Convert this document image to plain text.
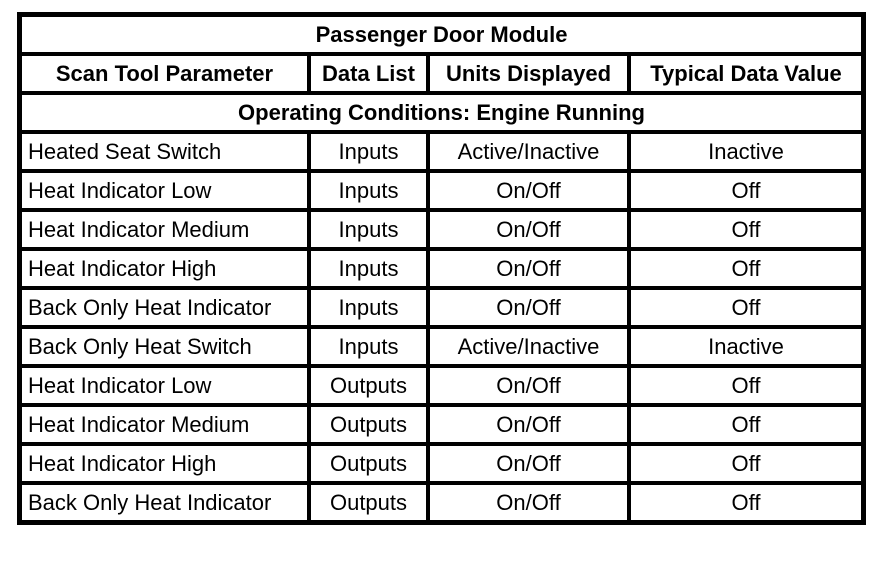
Passenger Door Module			
Scan Tool Parameter	Data List	Units Displayed	Typical Data Value
Operating Conditions: Engine Running			
Heated Seat Switch	Inputs	Active/Inactive	Inactive
Heat Indicator Low	Inputs	On/Off	Off
Heat Indicator Medium	Inputs	On/Off	Off
Heat Indicator High	Inputs	On/Off	Off
Back Only Heat Indicator	Inputs	On/Off	Off
Back Only Heat Switch	Inputs	Active/Inactive	Inactive
Heat Indicator Low	Outputs	On/Off	Off
Heat Indicator Medium	Outputs	On/Off	Off
Heat Indicator High	Outputs	On/Off	Off
Back Only Heat Indicator	Outputs	On/Off	Off
